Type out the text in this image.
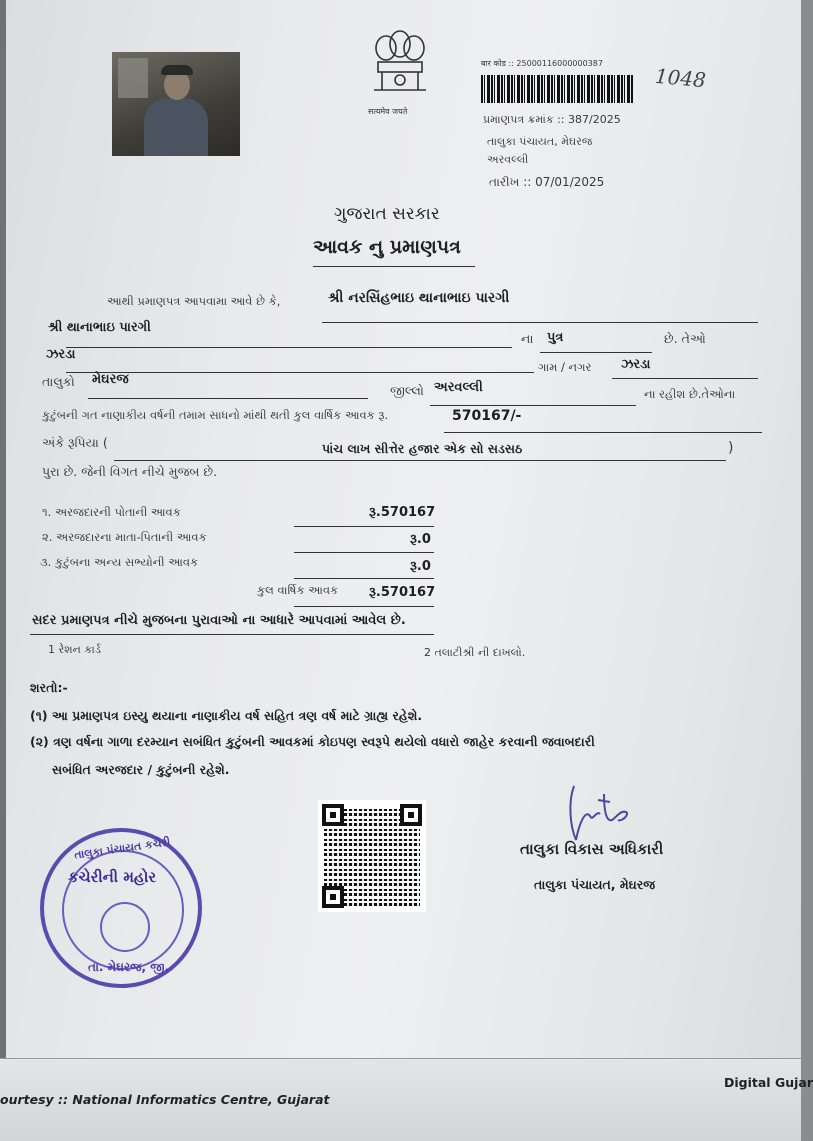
सत्यमेव जयते
बार कोड :: 25000116000000387
1048
પ્રમાણપત્ર ક્રમાંક :: 387/2025
તાલુકા પંચાયત, મેઘરજ
અરવલ્લી
તારીખ :: 07/01/2025
ગુજરાત સરકાર
આવક નુ પ્રમાણપત્ર
આથી પ્રમાણપત્ર આપવામા આવે છે કે,	શ્રી નરસિંહભાઇ થાનાભાઇ પારગી
શ્રી થાનાભાઇ પારગી
ના પુત્ર	છે. તેઓ
ઝરડા
ગામ / નગર ઝરડા
તાલુકો મેઘરજ
જીલ્લો અરવલ્લી	ના રહીશ છે.તેઓના
કુટુંબની ગત નાણાકીય વર્ષની તમામ સાધનો માંથી થતી કુલ વાર્ષિક આવક રૂ.	570167/-
અંકે રૂપિયા (	પાંચ લાખ સીત્તેર હજાર એક સો સડસઠ	)
પુરા છે. જેની વિગત નીચે મુજબ છે.
૧. અરજદારની પોતાની આવક	રૂ.570167
૨. અરજદારના માતા-પિતાની આવક	રૂ.0
૩. કુટુંબના અન્ય સભ્યોની આવક	રૂ.0
કુલ વાર્ષિક આવક રૂ.570167
સદર પ્રમાણપત્ર નીચે મુજબના પુરાવાઓ ના આધારે આપવામાં આવેલ છે.
1 રેશન કાર્ડ	2 તલાટીશ્રી ની દાખલો.
શરતો:-
(૧) આ પ્રમાણપત્ર ઇસ્યુ થયાના નાણાકીય વર્ષ સહિત ત્રણ વર્ષ માટે ગ્રાહ્ય રહેશે.
(૨) ત્રણ વર્ષના ગાળા દરમ્યાન સબંધિત કુટુંબની આવકમાં કોઇપણ સ્વરૂપે થયેલો વધારો જાહેર કરવાની જવાબદારી
સબંધિત અરજદાર / કુટુંબની રહેશે.
તાલુકા પંચાયત કચેરી
કચેરીની મહોર
તા. મેઘરજ, જી.
તાલુકા વિકાસ અધિકારી
તાલુકા પંચાયત, મેઘરજ
ourtesy :: National Informatics Centre, Gujarat
Digital Gujar
